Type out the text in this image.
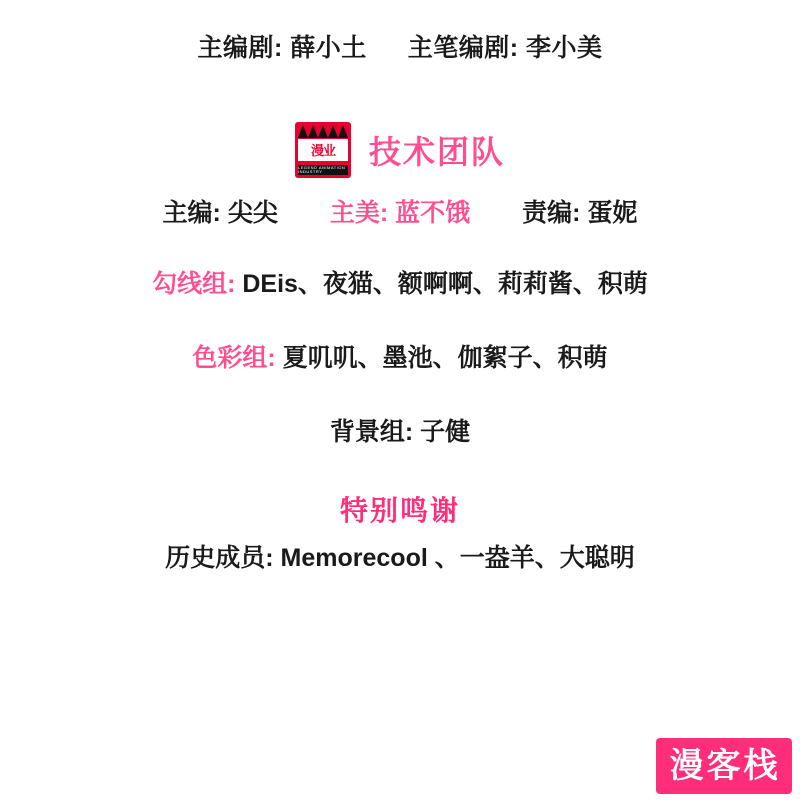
主编剧: 薛小土 主笔编剧: 李小美
漫业
LEGEND ANIMATION INDUSTRY
技术团队
主编: 尖尖 主美: 蓝不饿 责编: 蛋妮
勾线组: DEis、夜猫、额啊啊、莉莉酱、积萌
色彩组: 夏叽叽、墨池、伽絮子、积萌
背景组: 子健
特别鸣谢
历史成员: Memorecool 、一盎羊、大聪明
漫 客 栈
